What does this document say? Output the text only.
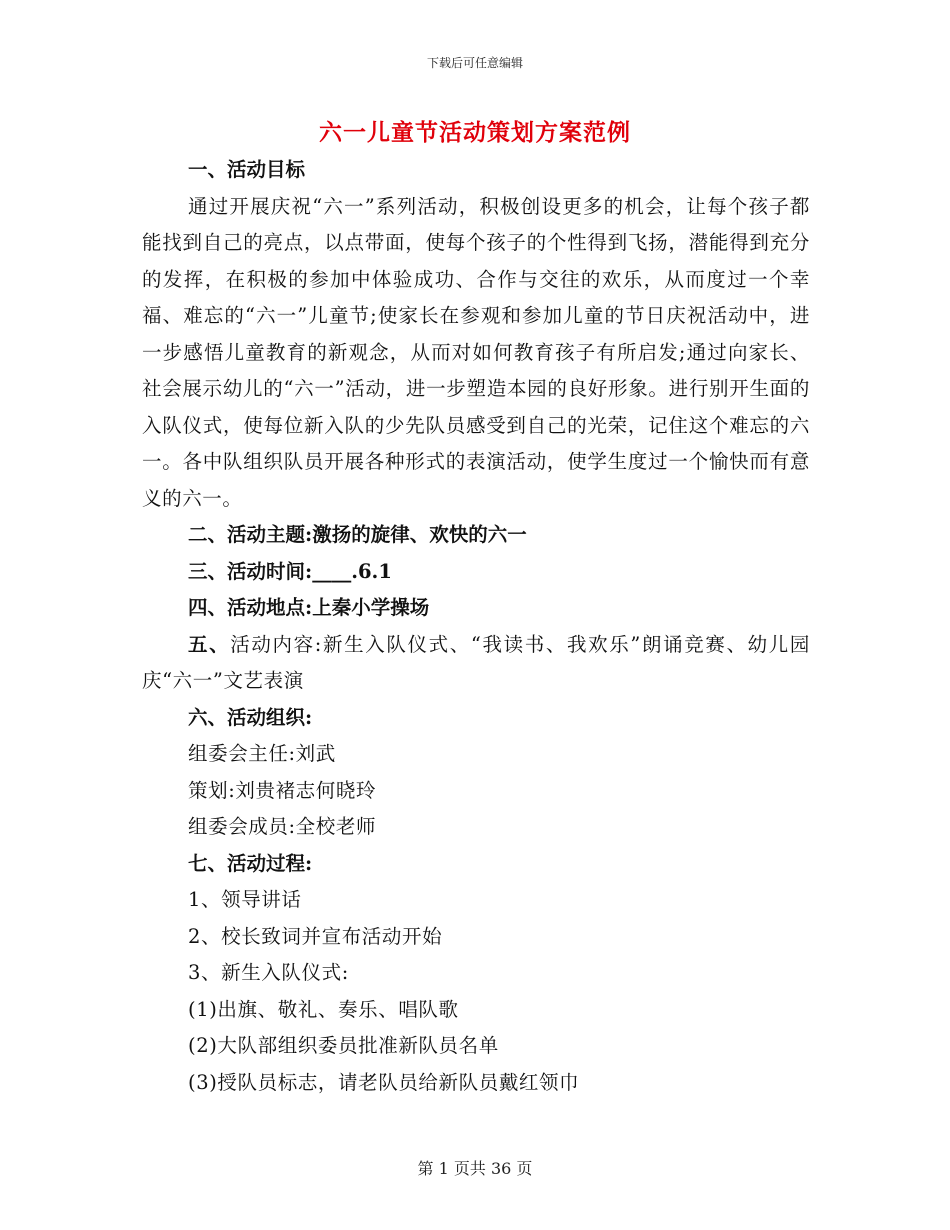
下载后可任意编辑
六一儿童节活动策划方案范例

一、活动目标

通过开展庆祝“六一”系列活动，积极创设更多的机会，让每个孩子都能找到自己的亮点，以点带面，使每个孩子的个性得到飞扬，潜能得到充分的发挥，在积极的参加中体验成功、合作与交往的欢乐，从而度过一个幸福、难忘的“六一”儿童节;使家长在参观和参加儿童的节日庆祝活动中，进一步感悟儿童教育的新观念，从而对如何教育孩子有所启发;通过向家长、社会展示幼儿的“六一”活动，进一步塑造本园的良好形象。进行别开生面的入队仪式，使每位新入队的少先队员感受到自己的光荣，记住这个难忘的六一。各中队组织队员开展各种形式的表演活动，使学生度过一个愉快而有意义的六一。

二、活动主题:激扬的旋律、欢快的六一

三、活动时间:____.6.1

四、活动地点:上秦小学操场

五、活动内容:新生入队仪式、“我读书、我欢乐”朗诵竞赛、幼儿园庆“六一”文艺表演

六、活动组织:

组委会主任:刘武

策划:刘贵褚志何晓玲

组委会成员:全校老师

七、活动过程:

1、领导讲话

2、校长致词并宣布活动开始

3、新生入队仪式:

(1)出旗、敬礼、奏乐、唱队歌

(2)大队部组织委员批准新队员名单

(3)授队员标志，请老队员给新队员戴红领巾

第 1 页共 36 页
